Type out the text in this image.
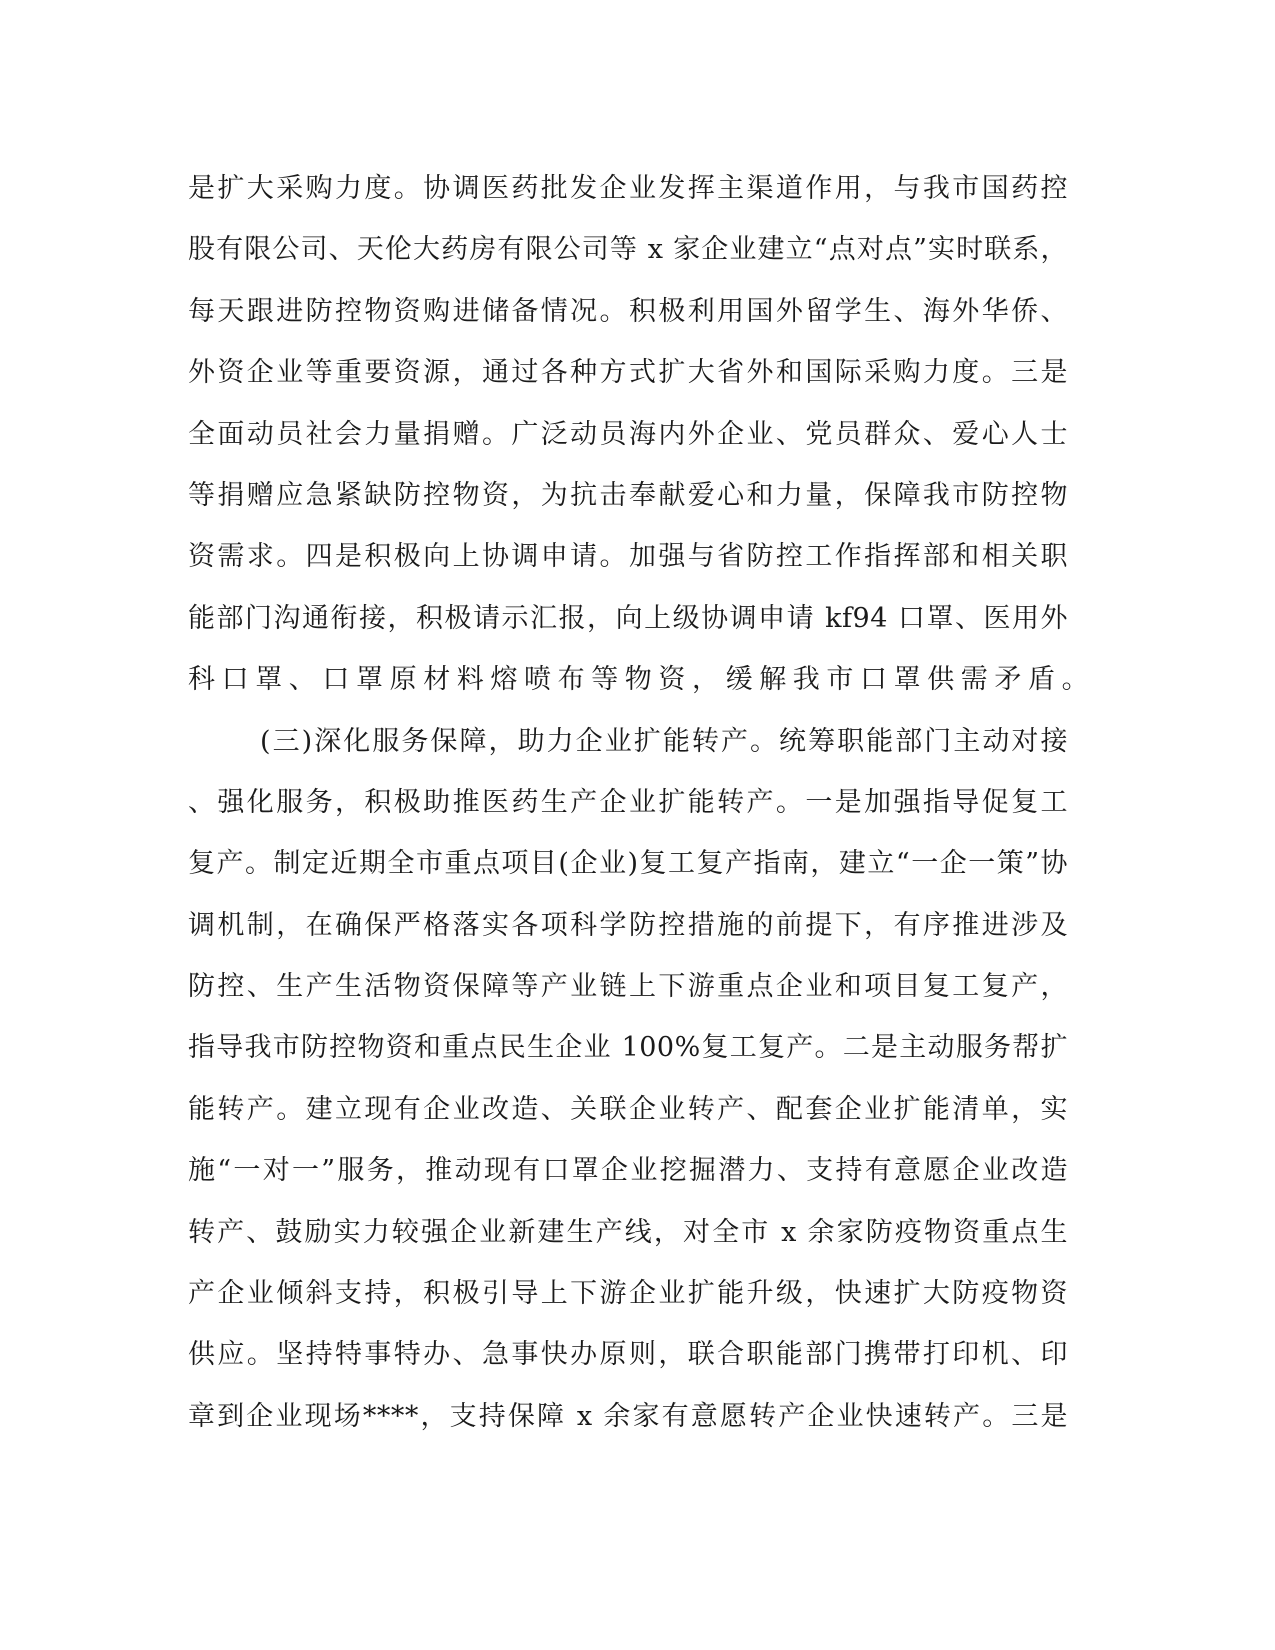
是扩大采购力度。协调医药批发企业发挥主渠道作用，与我市国药控
股有限公司、天伦大药房有限公司等 x 家企业建立“点对点”实时联系，
每天跟进防控物资购进储备情况。积极利用国外留学生、海外华侨、
外资企业等重要资源，通过各种方式扩大省外和国际采购力度。三是
全面动员社会力量捐赠。广泛动员海内外企业、党员群众、爱心人士
等捐赠应急紧缺防控物资，为抗击奉献爱心和力量，保障我市防控物
资需求。四是积极向上协调申请。加强与省防控工作指挥部和相关职
能部门沟通衔接，积极请示汇报，向上级协调申请 kf94 口罩、医用外
科口罩、口罩原材料熔喷布等物资，缓解我市口罩供需矛盾。
(三)深化服务保障，助力企业扩能转产。统筹职能部门主动对接
、强化服务，积极助推医药生产企业扩能转产。一是加强指导促复工
复产。制定近期全市重点项目(企业)复工复产指南，建立“一企一策”协
调机制，在确保严格落实各项科学防控措施的前提下，有序推进涉及
防控、生产生活物资保障等产业链上下游重点企业和项目复工复产，
指导我市防控物资和重点民生企业 100%复工复产。二是主动服务帮扩
能转产。建立现有企业改造、关联企业转产、配套企业扩能清单，实
施“一对一”服务，推动现有口罩企业挖掘潜力、支持有意愿企业改造
转产、鼓励实力较强企业新建生产线，对全市 x 余家防疫物资重点生
产企业倾斜支持，积极引导上下游企业扩能升级，快速扩大防疫物资
供应。坚持特事特办、急事快办原则，联合职能部门携带打印机、印
章到企业现场****，支持保障 x 余家有意愿转产企业快速转产。三是
